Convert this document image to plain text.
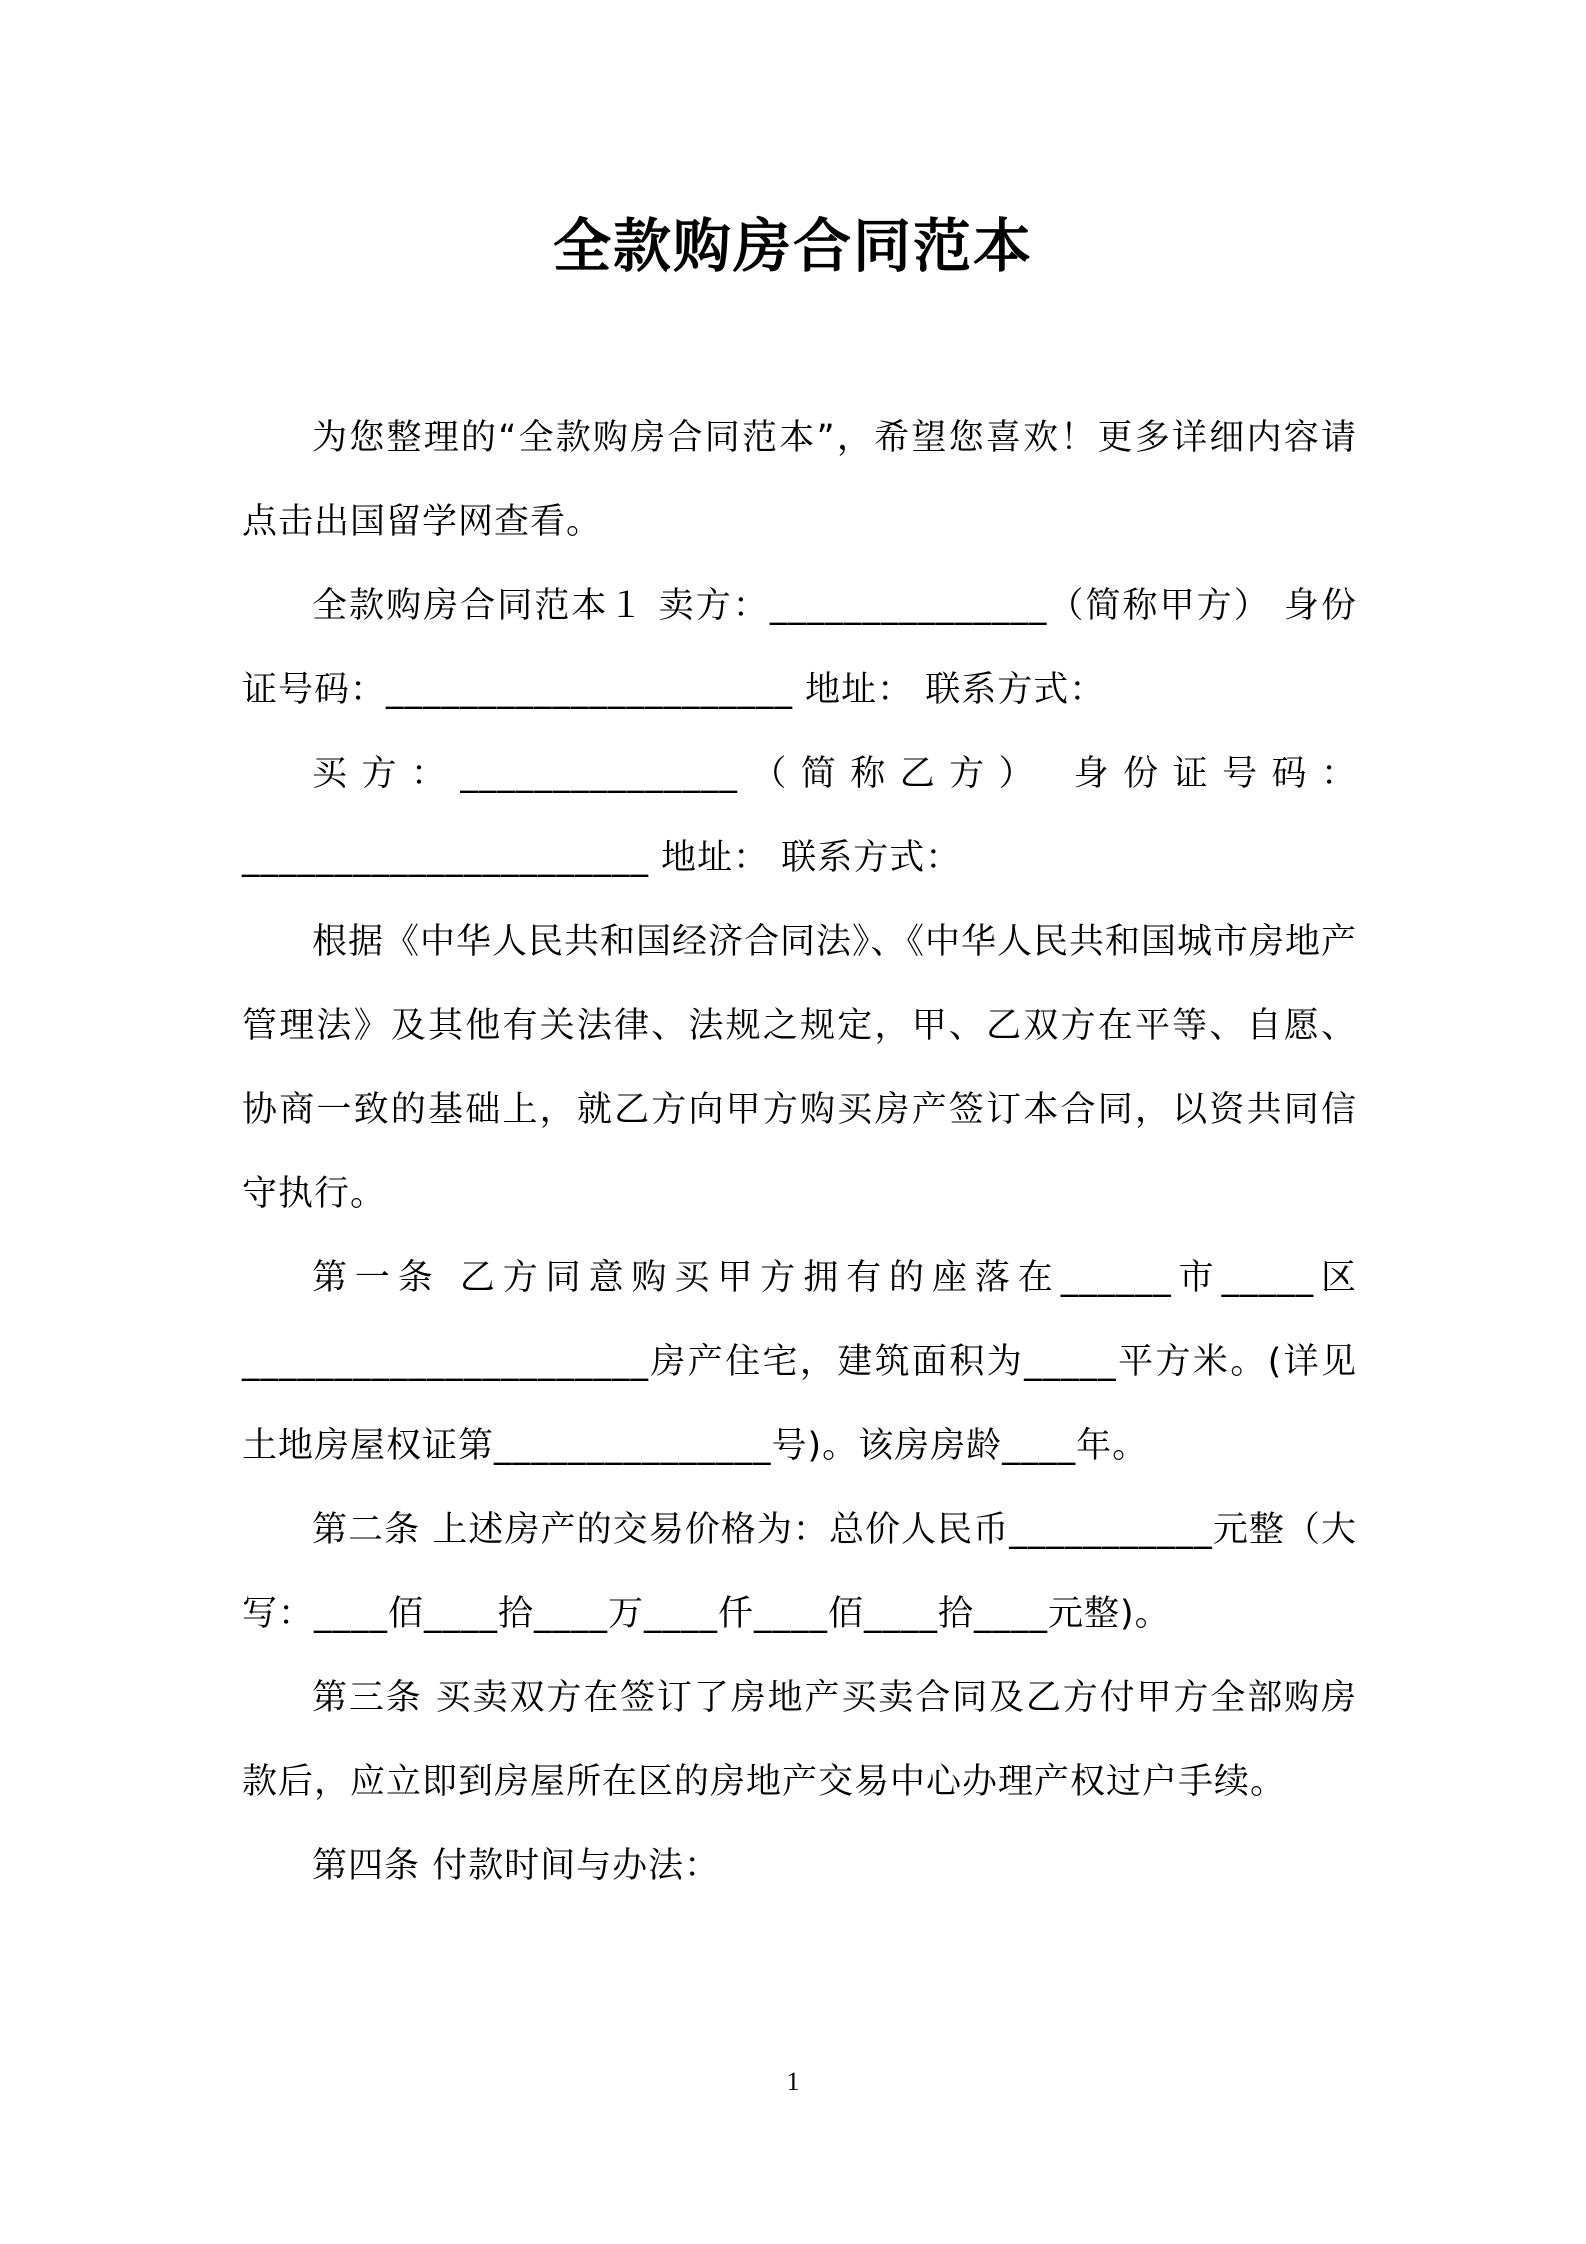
全款购房合同范本

为您整理的“全款购房合同范本”，希望您喜欢！更多详细内容请点击出国留学网查看。

全款购房合同范本１ 卖方：_______________（简称甲方） 身份证号码：______________________ 地址： 联系方式：

买方：_______________（简称乙方） 身份证号码：______________________ 地址： 联系方式：

根据《中华人民共和国经济合同法》、《中华人民共和国城市房地产管理法》及其他有关法律、法规之规定，甲、乙双方在平等、自愿、协商一致的基础上，就乙方向甲方购买房产签订本合同，以资共同信守执行。

第一条 乙方同意购买甲方拥有的座落在______市_____区______________________房产住宅，建筑面积为_____平方米。(详见土地房屋权证第_______________号)。该房房龄____年。

第二条 上述房产的交易价格为：总价人民币___________元整（大写：____佰____拾____万____仟____佰____拾____元整)。

第三条 买卖双方在签订了房地产买卖合同及乙方付甲方全部购房款后，应立即到房屋所在区的房地产交易中心办理产权过户手续。

第四条 付款时间与办法：

1
